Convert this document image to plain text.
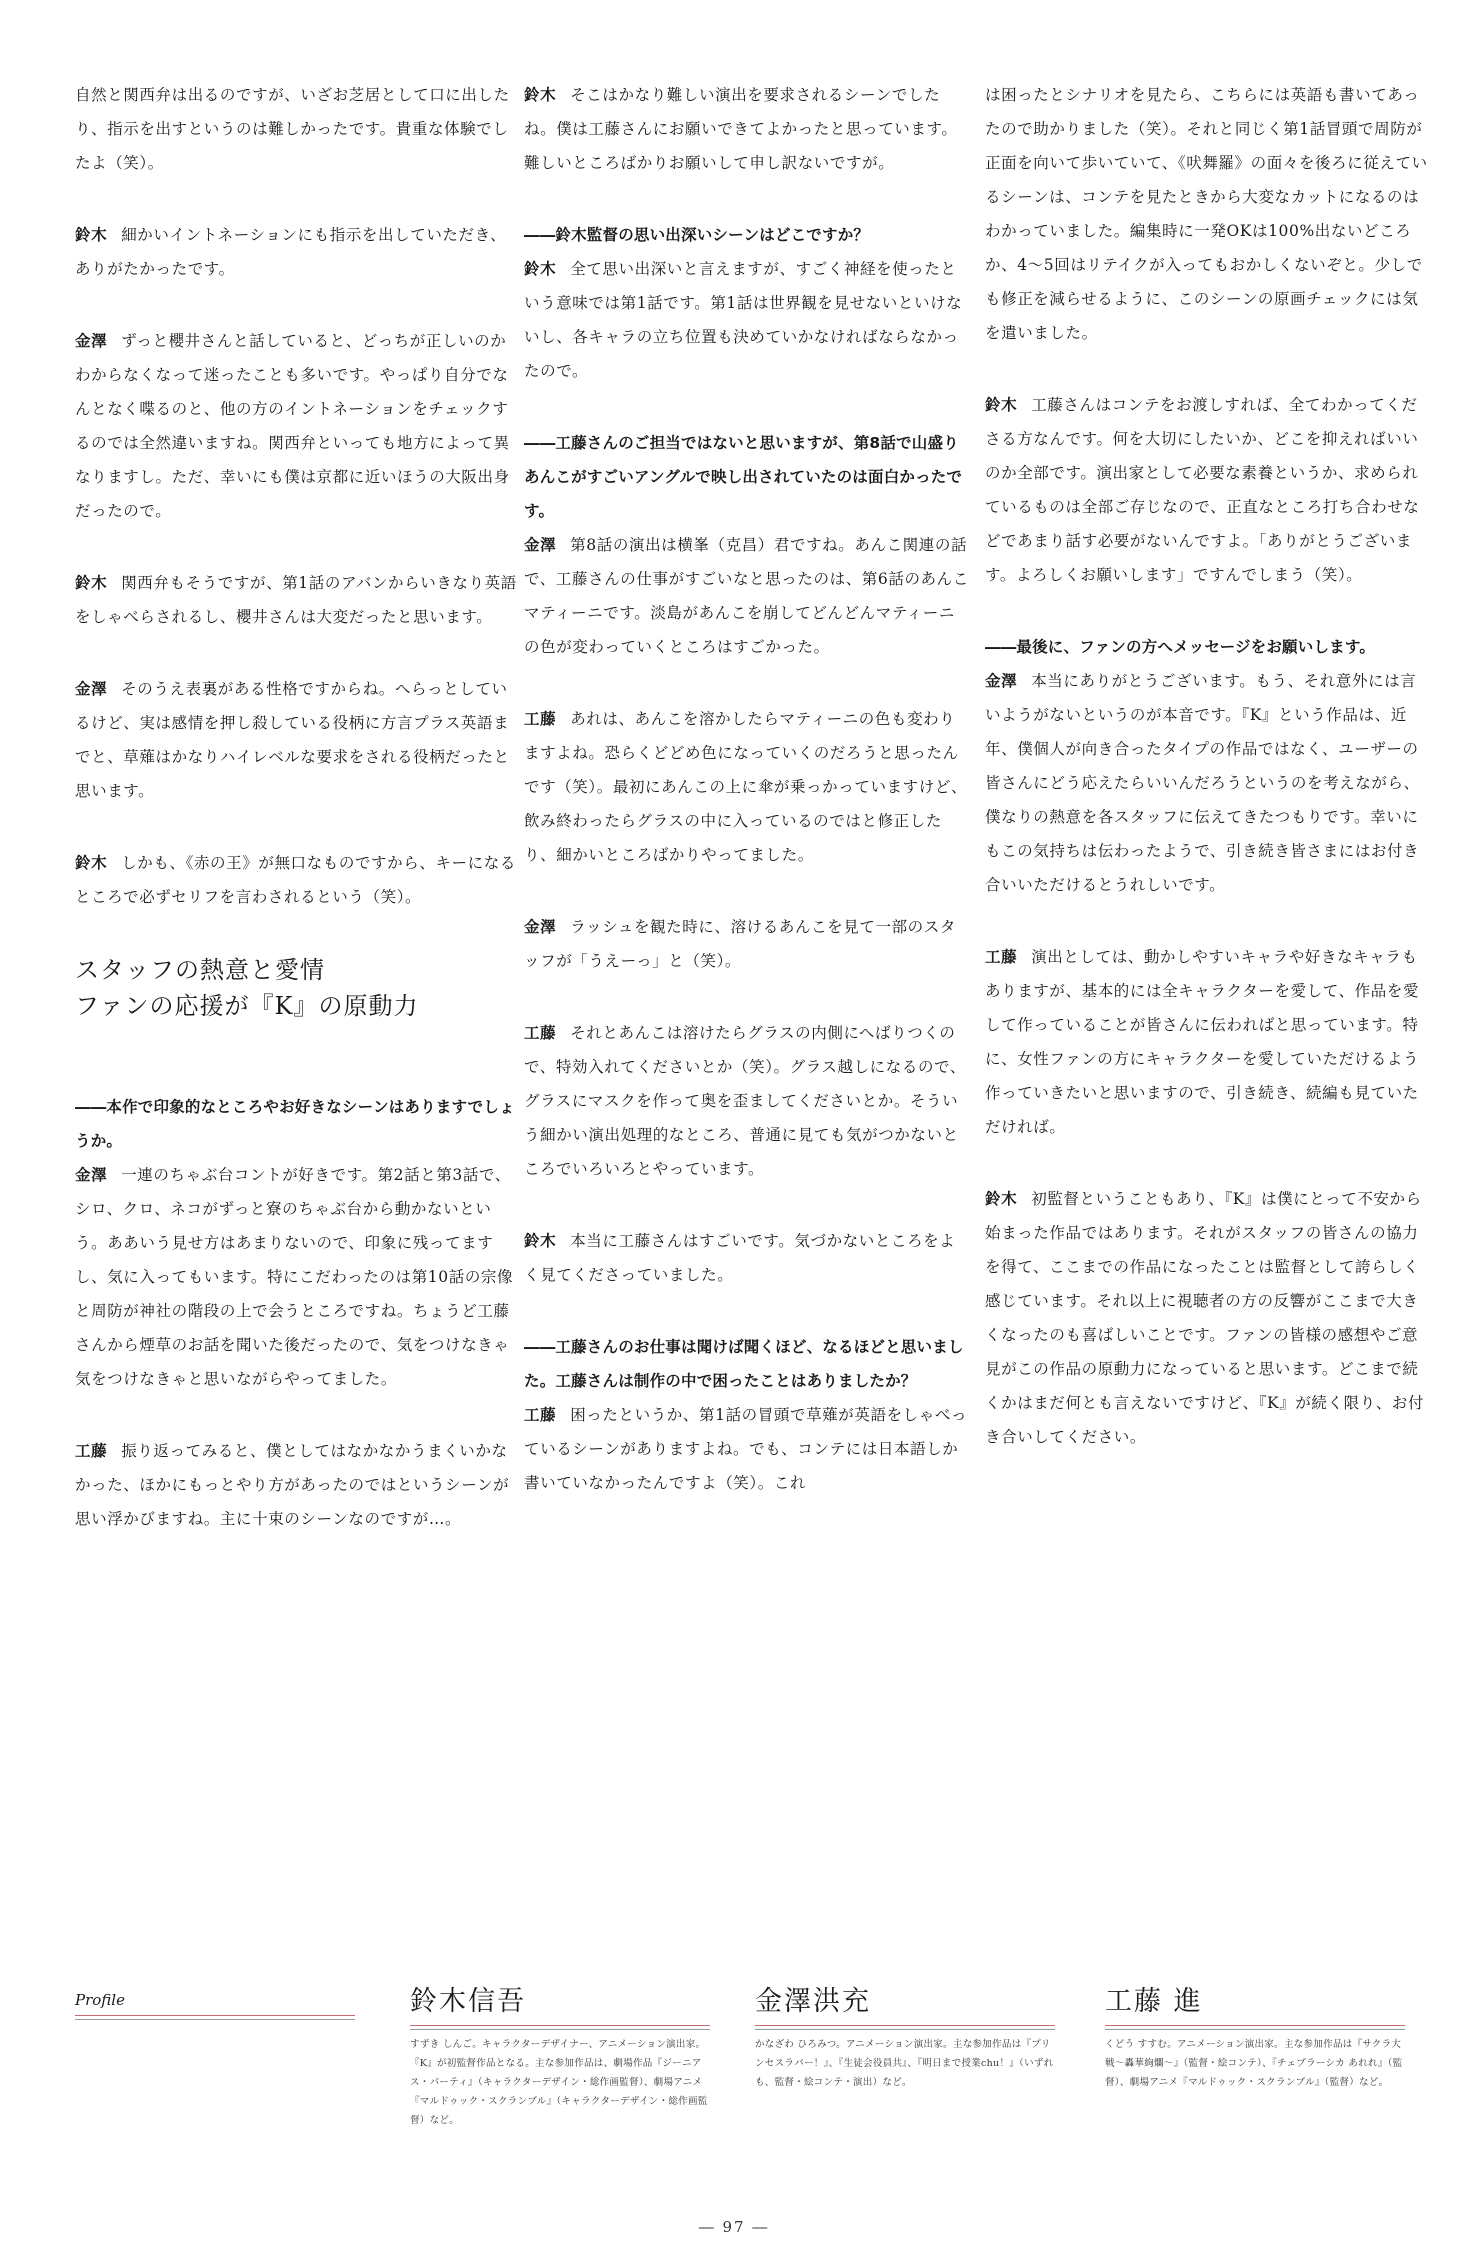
自然と関西弁は出るのですが、いざお芝居として口に出したり、指示を出すというのは難しかったです。貴重な体験でしたよ（笑）。

鈴木 細かいイントネーションにも指示を出していただき、ありがたかったです。

金澤 ずっと櫻井さんと話していると、どっちが正しいのかわからなくなって迷ったことも多いです。やっぱり自分でなんとなく喋るのと、他の方のイントネーションをチェックするのでは全然違いますね。関西弁といっても地方によって異なりますし。ただ、幸いにも僕は京都に近いほうの大阪出身だったので。

鈴木 関西弁もそうですが、第1話のアバンからいきなり英語をしゃべらされるし、櫻井さんは大変だったと思います。

金澤 そのうえ表裏がある性格ですからね。へらっとしているけど、実は感情を押し殺している役柄に方言プラス英語までと、草薙はかなりハイレベルな要求をされる役柄だったと思います。

鈴木 しかも、《赤の王》が無口なものですから、キーになるところで必ずセリフを言わされるという（笑）。

スタッフの熱意と愛情
ファンの応援が『K』の原動力

――本作で印象的なところやお好きなシーンはありますでしょうか。

金澤 一連のちゃぶ台コントが好きです。第2話と第3話で、シロ、クロ、ネコがずっと寮のちゃぶ台から動かないという。ああいう見せ方はあまりないので、印象に残ってますし、気に入ってもいます。特にこだわったのは第10話の宗像と周防が神社の階段の上で会うところですね。ちょうど工藤さんから煙草のお話を聞いた後だったので、気をつけなきゃ気をつけなきゃと思いながらやってました。

工藤 振り返ってみると、僕としてはなかなかうまくいかなかった、ほかにもっとやり方があったのではというシーンが思い浮かびますね。主に十束のシーンなのですが…。

鈴木 そこはかなり難しい演出を要求されるシーンでしたね。僕は工藤さんにお願いできてよかったと思っています。難しいところばかりお願いして申し訳ないですが。

――鈴木監督の思い出深いシーンはどこですか？

鈴木 全て思い出深いと言えますが、すごく神経を使ったという意味では第1話です。第1話は世界観を見せないといけないし、各キャラの立ち位置も決めていかなければならなかったので。

――工藤さんのご担当ではないと思いますが、第8話で山盛りあんこがすごいアングルで映し出されていたのは面白かったです。

金澤 第8話の演出は横峯（克昌）君ですね。あんこ関連の話で、工藤さんの仕事がすごいなと思ったのは、第6話のあんこマティーニです。淡島があんこを崩してどんどんマティーニの色が変わっていくところはすごかった。

工藤 あれは、あんこを溶かしたらマティーニの色も変わりますよね。恐らくどどめ色になっていくのだろうと思ったんです（笑）。最初にあんこの上に傘が乗っかっていますけど、飲み終わったらグラスの中に入っているのではと修正したり、細かいところばかりやってました。

金澤 ラッシュを観た時に、溶けるあんこを見て一部のスタッフが「うえーっ」と（笑）。

工藤 それとあんこは溶けたらグラスの内側にへばりつくので、特効入れてくださいとか（笑）。グラス越しになるので、グラスにマスクを作って奥を歪ましてくださいとか。そういう細かい演出処理的なところ、普通に見ても気がつかないところでいろいろとやっています。

鈴木 本当に工藤さんはすごいです。気づかないところをよく見てくださっていました。

――工藤さんのお仕事は聞けば聞くほど、なるほどと思いました。工藤さんは制作の中で困ったことはありましたか？

工藤 困ったというか、第1話の冒頭で草薙が英語をしゃべっているシーンがありますよね。でも、コンテには日本語しか書いていなかったんですよ（笑）。これ

は困ったとシナリオを見たら、こちらには英語も書いてあったので助かりました（笑）。それと同じく第1話冒頭で周防が正面を向いて歩いていて、《吠舞羅》の面々を後ろに従えているシーンは、コンテを見たときから大変なカットになるのはわかっていました。編集時に一発OKは100%出ないどころか、4～5回はリテイクが入ってもおかしくないぞと。少しでも修正を減らせるように、このシーンの原画チェックには気を遣いました。

鈴木 工藤さんはコンテをお渡しすれば、全てわかってくださる方なんです。何を大切にしたいか、どこを抑えればいいのか全部です。演出家として必要な素養というか、求められているものは全部ご存じなので、正直なところ打ち合わせなどであまり話す必要がないんですよ。「ありがとうございます。よろしくお願いします」ですんでしまう（笑）。

――最後に、ファンの方へメッセージをお願いします。

金澤 本当にありがとうございます。もう、それ意外には言いようがないというのが本音です。『K』という作品は、近年、僕個人が向き合ったタイプの作品ではなく、ユーザーの皆さんにどう応えたらいいんだろうというのを考えながら、僕なりの熱意を各スタッフに伝えてきたつもりです。幸いにもこの気持ちは伝わったようで、引き続き皆さまにはお付き合いいただけるとうれしいです。

工藤 演出としては、動かしやすいキャラや好きなキャラもありますが、基本的には全キャラクターを愛して、作品を愛して作っていることが皆さんに伝わればと思っています。特に、女性ファンの方にキャラクターを愛していただけるよう作っていきたいと思いますので、引き続き、続編も見ていただければ。

鈴木 初監督ということもあり、『K』は僕にとって不安から始まった作品ではあります。それがスタッフの皆さんの協力を得て、ここまでの作品になったことは監督として誇らしく感じています。それ以上に視聴者の方の反響がここまで大きくなったのも喜ばしいことです。ファンの皆様の感想やご意見がこの作品の原動力になっていると思います。どこまで続くかはまだ何とも言えないですけど、『K』が続く限り、お付き合いしてください。

Profile	鈴木信吾
すずき しんご。キャラクターデザイナー、アニメーション演出家。『K』が初監督作品となる。主な参加作品は、劇場作品『ジーニアス・パーティ』（キャラクターデザイン・総作画監督）、劇場アニメ『マルドゥック・スクランブル』（キャラクターデザイン・総作画監督）など。
金澤洪充
かなざわ ひろみつ。アニメーション演出家。主な参加作品は『プリンセスラバー！』、『生徒会役員共』、『明日まで授業chu！』（いずれも、監督・絵コンテ・演出）など。
工藤 進
くどう すすむ。アニメーション演出家。主な参加作品は『サクラ大戦～轟華絢爛～』（監督・絵コンテ）、『チェブラーシカ あれれ』（監督）、劇場アニメ『マルドゥック・スクランブル』（監督）など。
― 97 ―
